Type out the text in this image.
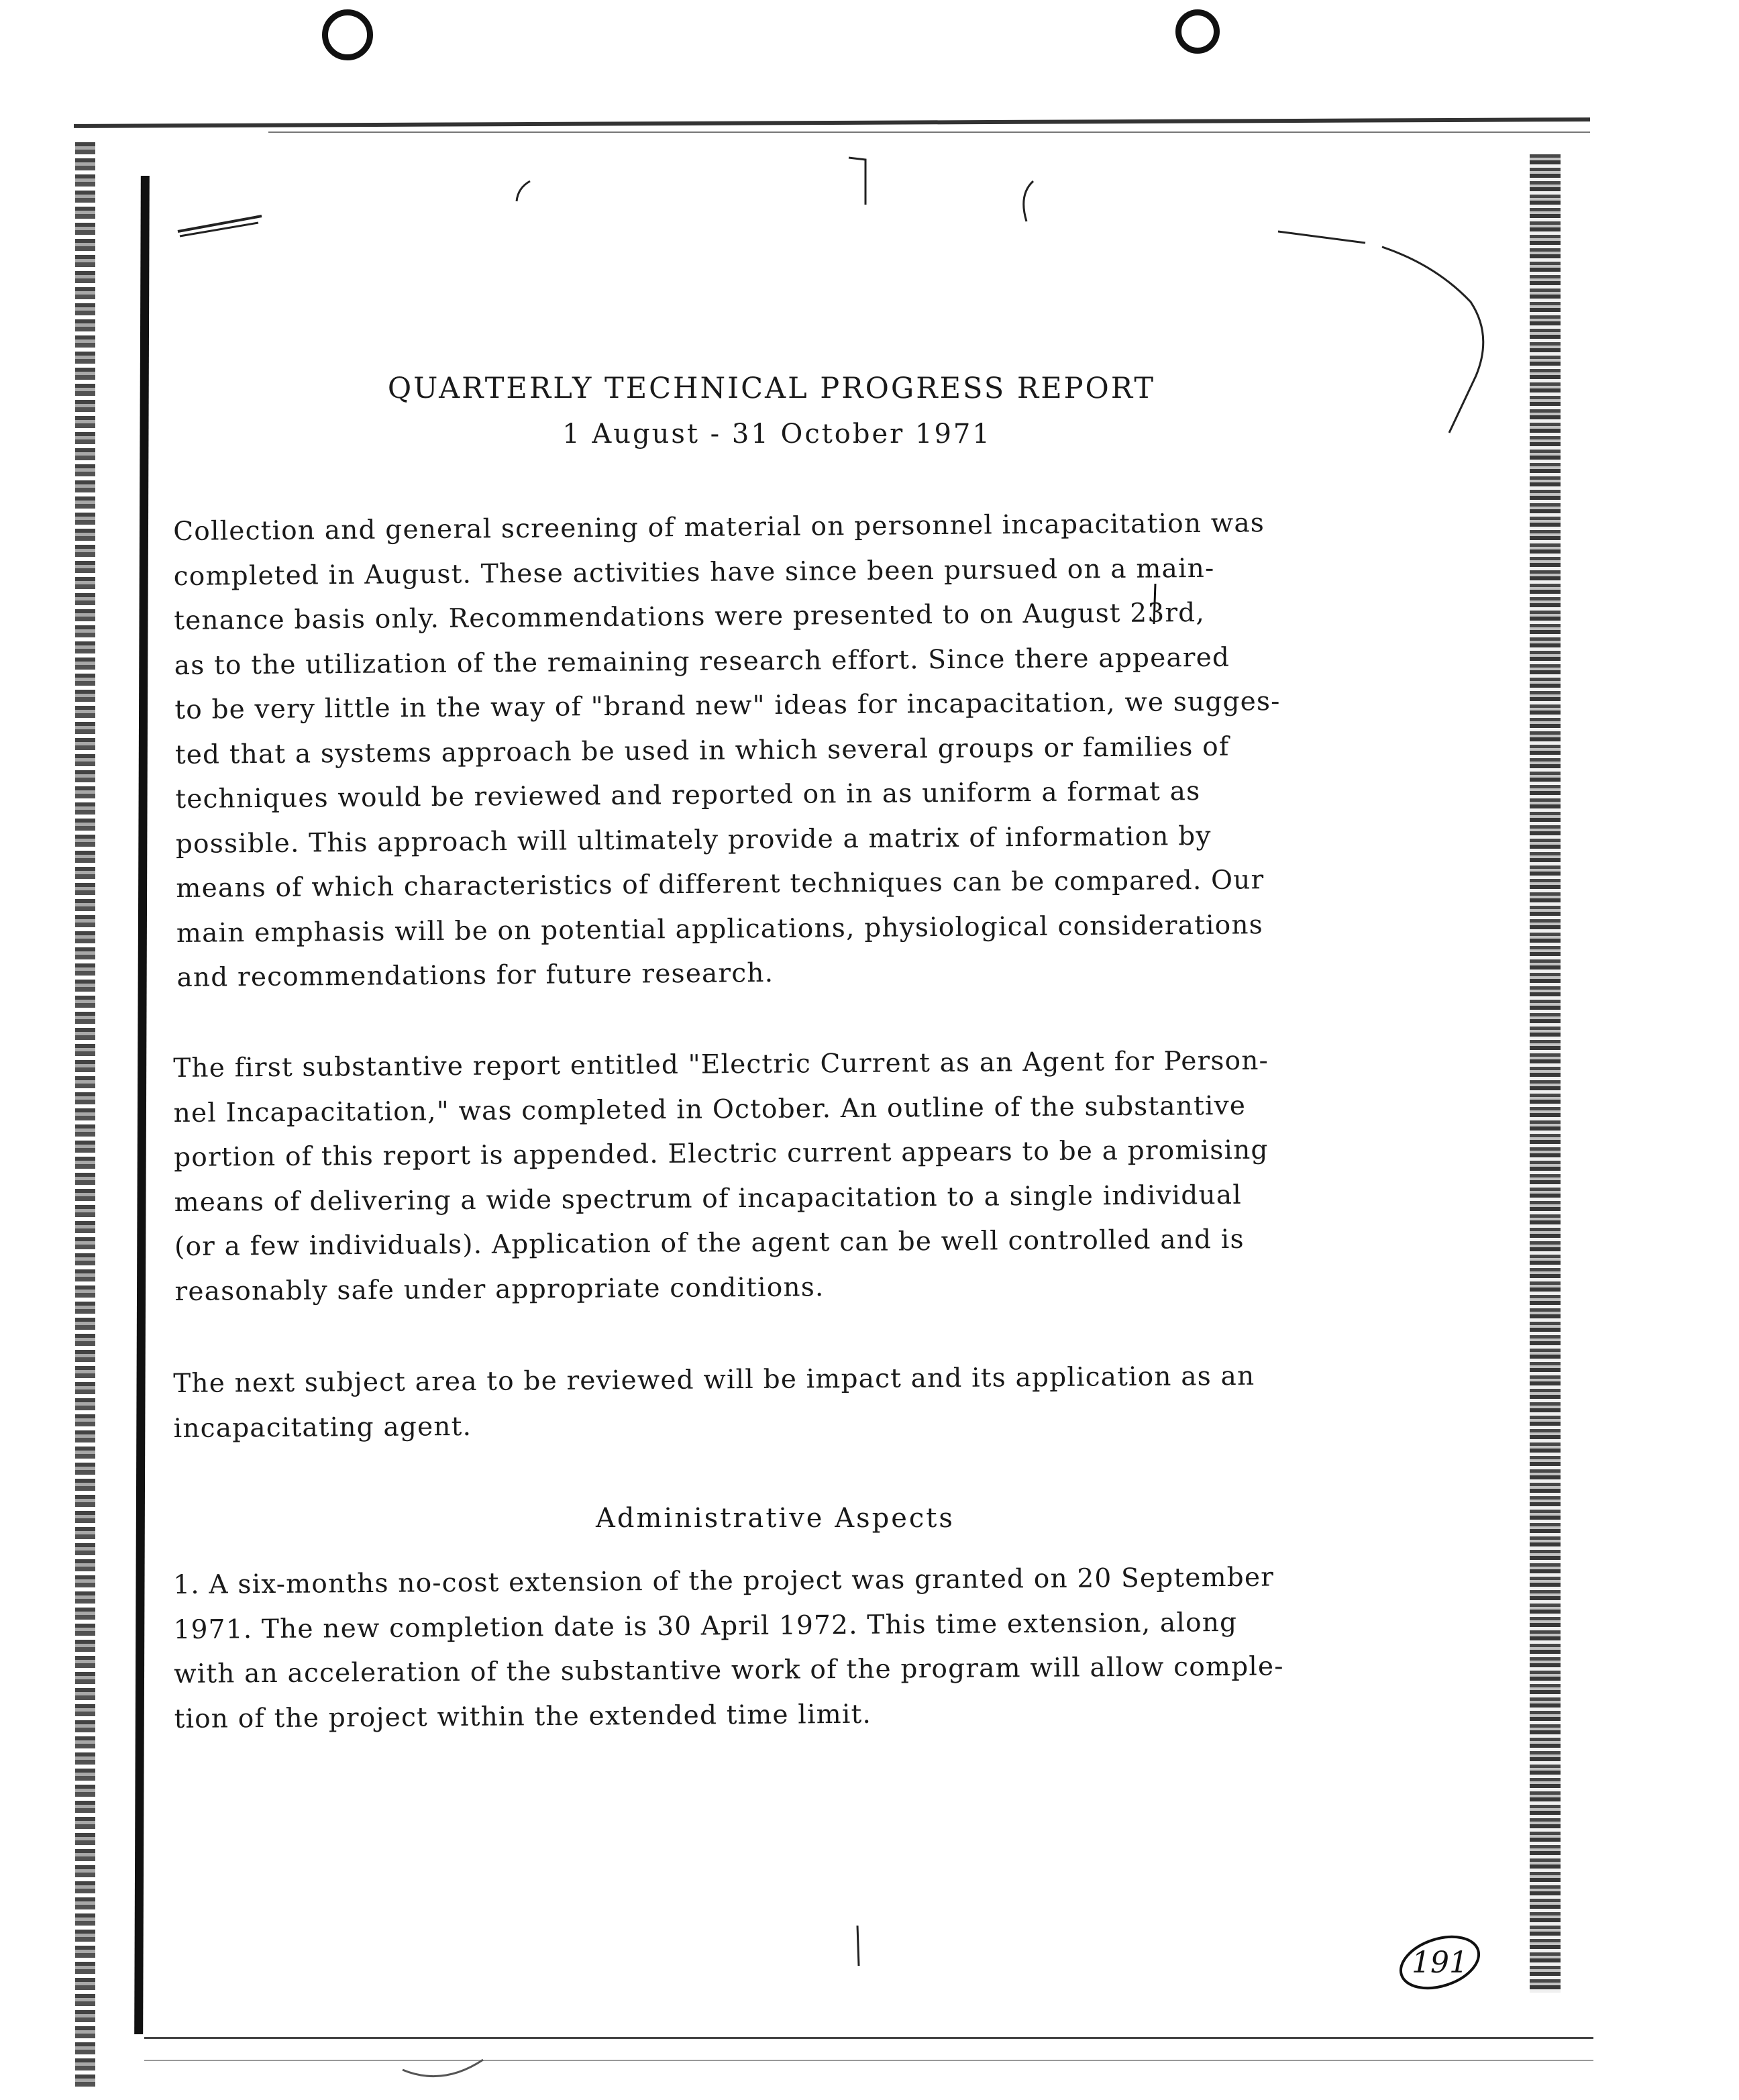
QUARTERLY TECHNICAL PROGRESS REPORT
1 August - 31 October 1971
Collection and general screening of material on personnel incapacitation was
completed in August. These activities have since been pursued on a main-
tenance basis only. Recommendations were presented to on August 23rd,
as to the utilization of the remaining research effort. Since there appeared
to be very little in the way of "brand new" ideas for incapacitation, we sugges-
ted that a systems approach be used in which several groups or families of
techniques would be reviewed and reported on in as uniform a format as
possible. This approach will ultimately provide a matrix of information by
means of which characteristics of different techniques can be compared. Our
main emphasis will be on potential applications, physiological considerations
and recommendations for future research.
The first substantive report entitled "Electric Current as an Agent for Person-
nel Incapacitation," was completed in October. An outline of the substantive
portion of this report is appended. Electric current appears to be a promising
means of delivering a wide spectrum of incapacitation to a single individual
(or a few individuals). Application of the agent can be well controlled and is
reasonably safe under appropriate conditions.
The next subject area to be reviewed will be impact and its application as an
incapacitating agent.
Administrative Aspects
1. A six-months no-cost extension of the project was granted on 20 September
1971. The new completion date is 30 April 1972. This time extension, along
with an acceleration of the substantive work of the program will allow comple-
tion of the project within the extended time limit.
191
